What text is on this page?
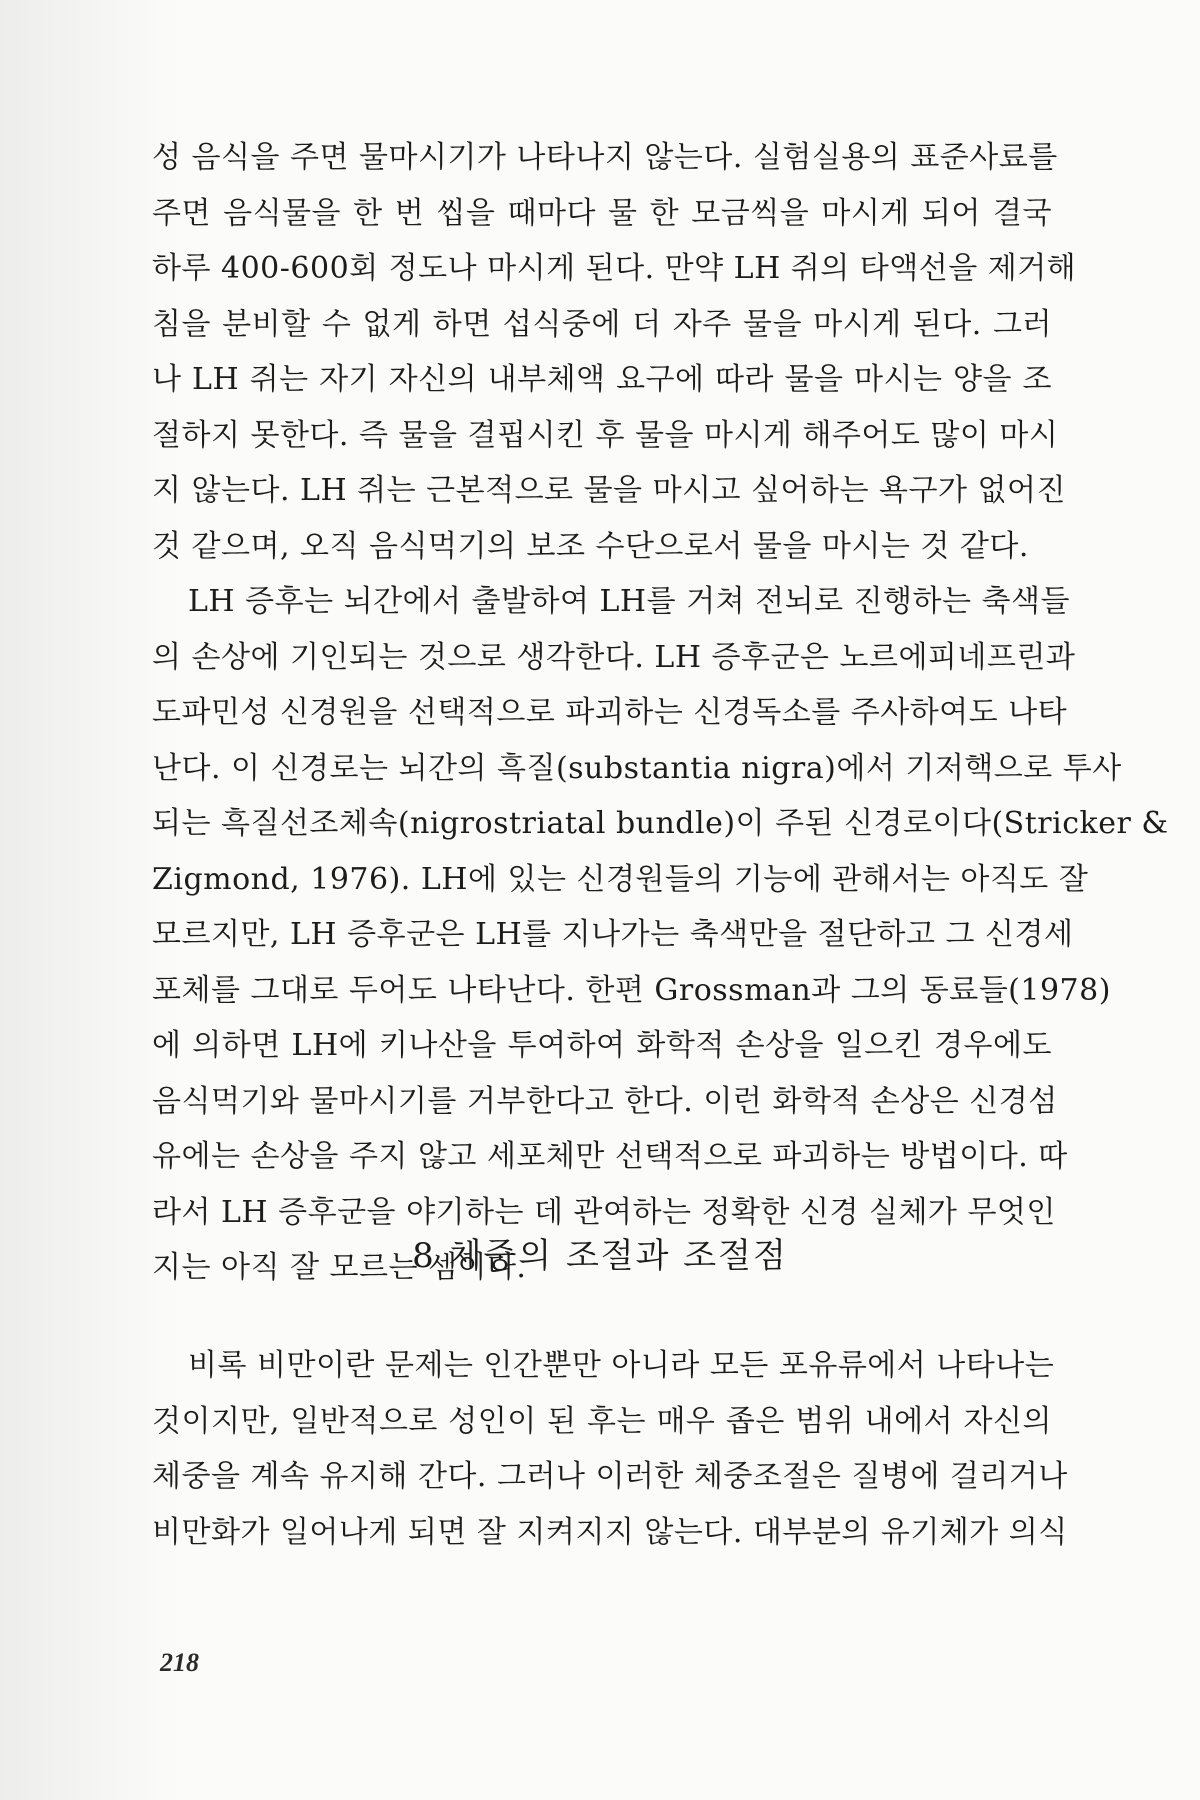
성 음식을 주면 물마시기가 나타나지 않는다. 실험실용의 표준사료를
주면 음식물을 한 번 씹을 때마다 물 한 모금씩을 마시게 되어 결국
하루 400-600회 정도나 마시게 된다. 만약 LH 쥐의 타액선을 제거해
침을 분비할 수 없게 하면 섭식중에 더 자주 물을 마시게 된다. 그러
나 LH 쥐는 자기 자신의 내부체액 요구에 따라 물을 마시는 양을 조
절하지 못한다. 즉 물을 결핍시킨 후 물을 마시게 해주어도 많이 마시
지 않는다. LH 쥐는 근본적으로 물을 마시고 싶어하는 욕구가 없어진
것 같으며, 오직 음식먹기의 보조 수단으로서 물을 마시는 것 같다.
LH 증후는 뇌간에서 출발하여 LH를 거쳐 전뇌로 진행하는 축색들
의 손상에 기인되는 것으로 생각한다. LH 증후군은 노르에피네프린과
도파민성 신경원을 선택적으로 파괴하는 신경독소를 주사하여도 나타
난다. 이 신경로는 뇌간의 흑질(substantia nigra)에서 기저핵으로 투사
되는 흑질선조체속(nigrostriatal bundle)이 주된 신경로이다(Stricker &
Zigmond, 1976). LH에 있는 신경원들의 기능에 관해서는 아직도 잘
모르지만, LH 증후군은 LH를 지나가는 축색만을 절단하고 그 신경세
포체를 그대로 두어도 나타난다. 한편 Grossman과 그의 동료들(1978)
에 의하면 LH에 키나산을 투여하여 화학적 손상을 일으킨 경우에도
음식먹기와 물마시기를 거부한다고 한다. 이런 화학적 손상은 신경섬
유에는 손상을 주지 않고 세포체만 선택적으로 파괴하는 방법이다. 따
라서 LH 증후군을 야기하는 데 관여하는 정확한 신경 실체가 무엇인
지는 아직 잘 모르는 셈이다.
8 체중의 조절과 조절점
비록 비만이란 문제는 인간뿐만 아니라 모든 포유류에서 나타나는
것이지만, 일반적으로 성인이 된 후는 매우 좁은 범위 내에서 자신의
체중을 계속 유지해 간다. 그러나 이러한 체중조절은 질병에 걸리거나
비만화가 일어나게 되면 잘 지켜지지 않는다. 대부분의 유기체가 의식
218
